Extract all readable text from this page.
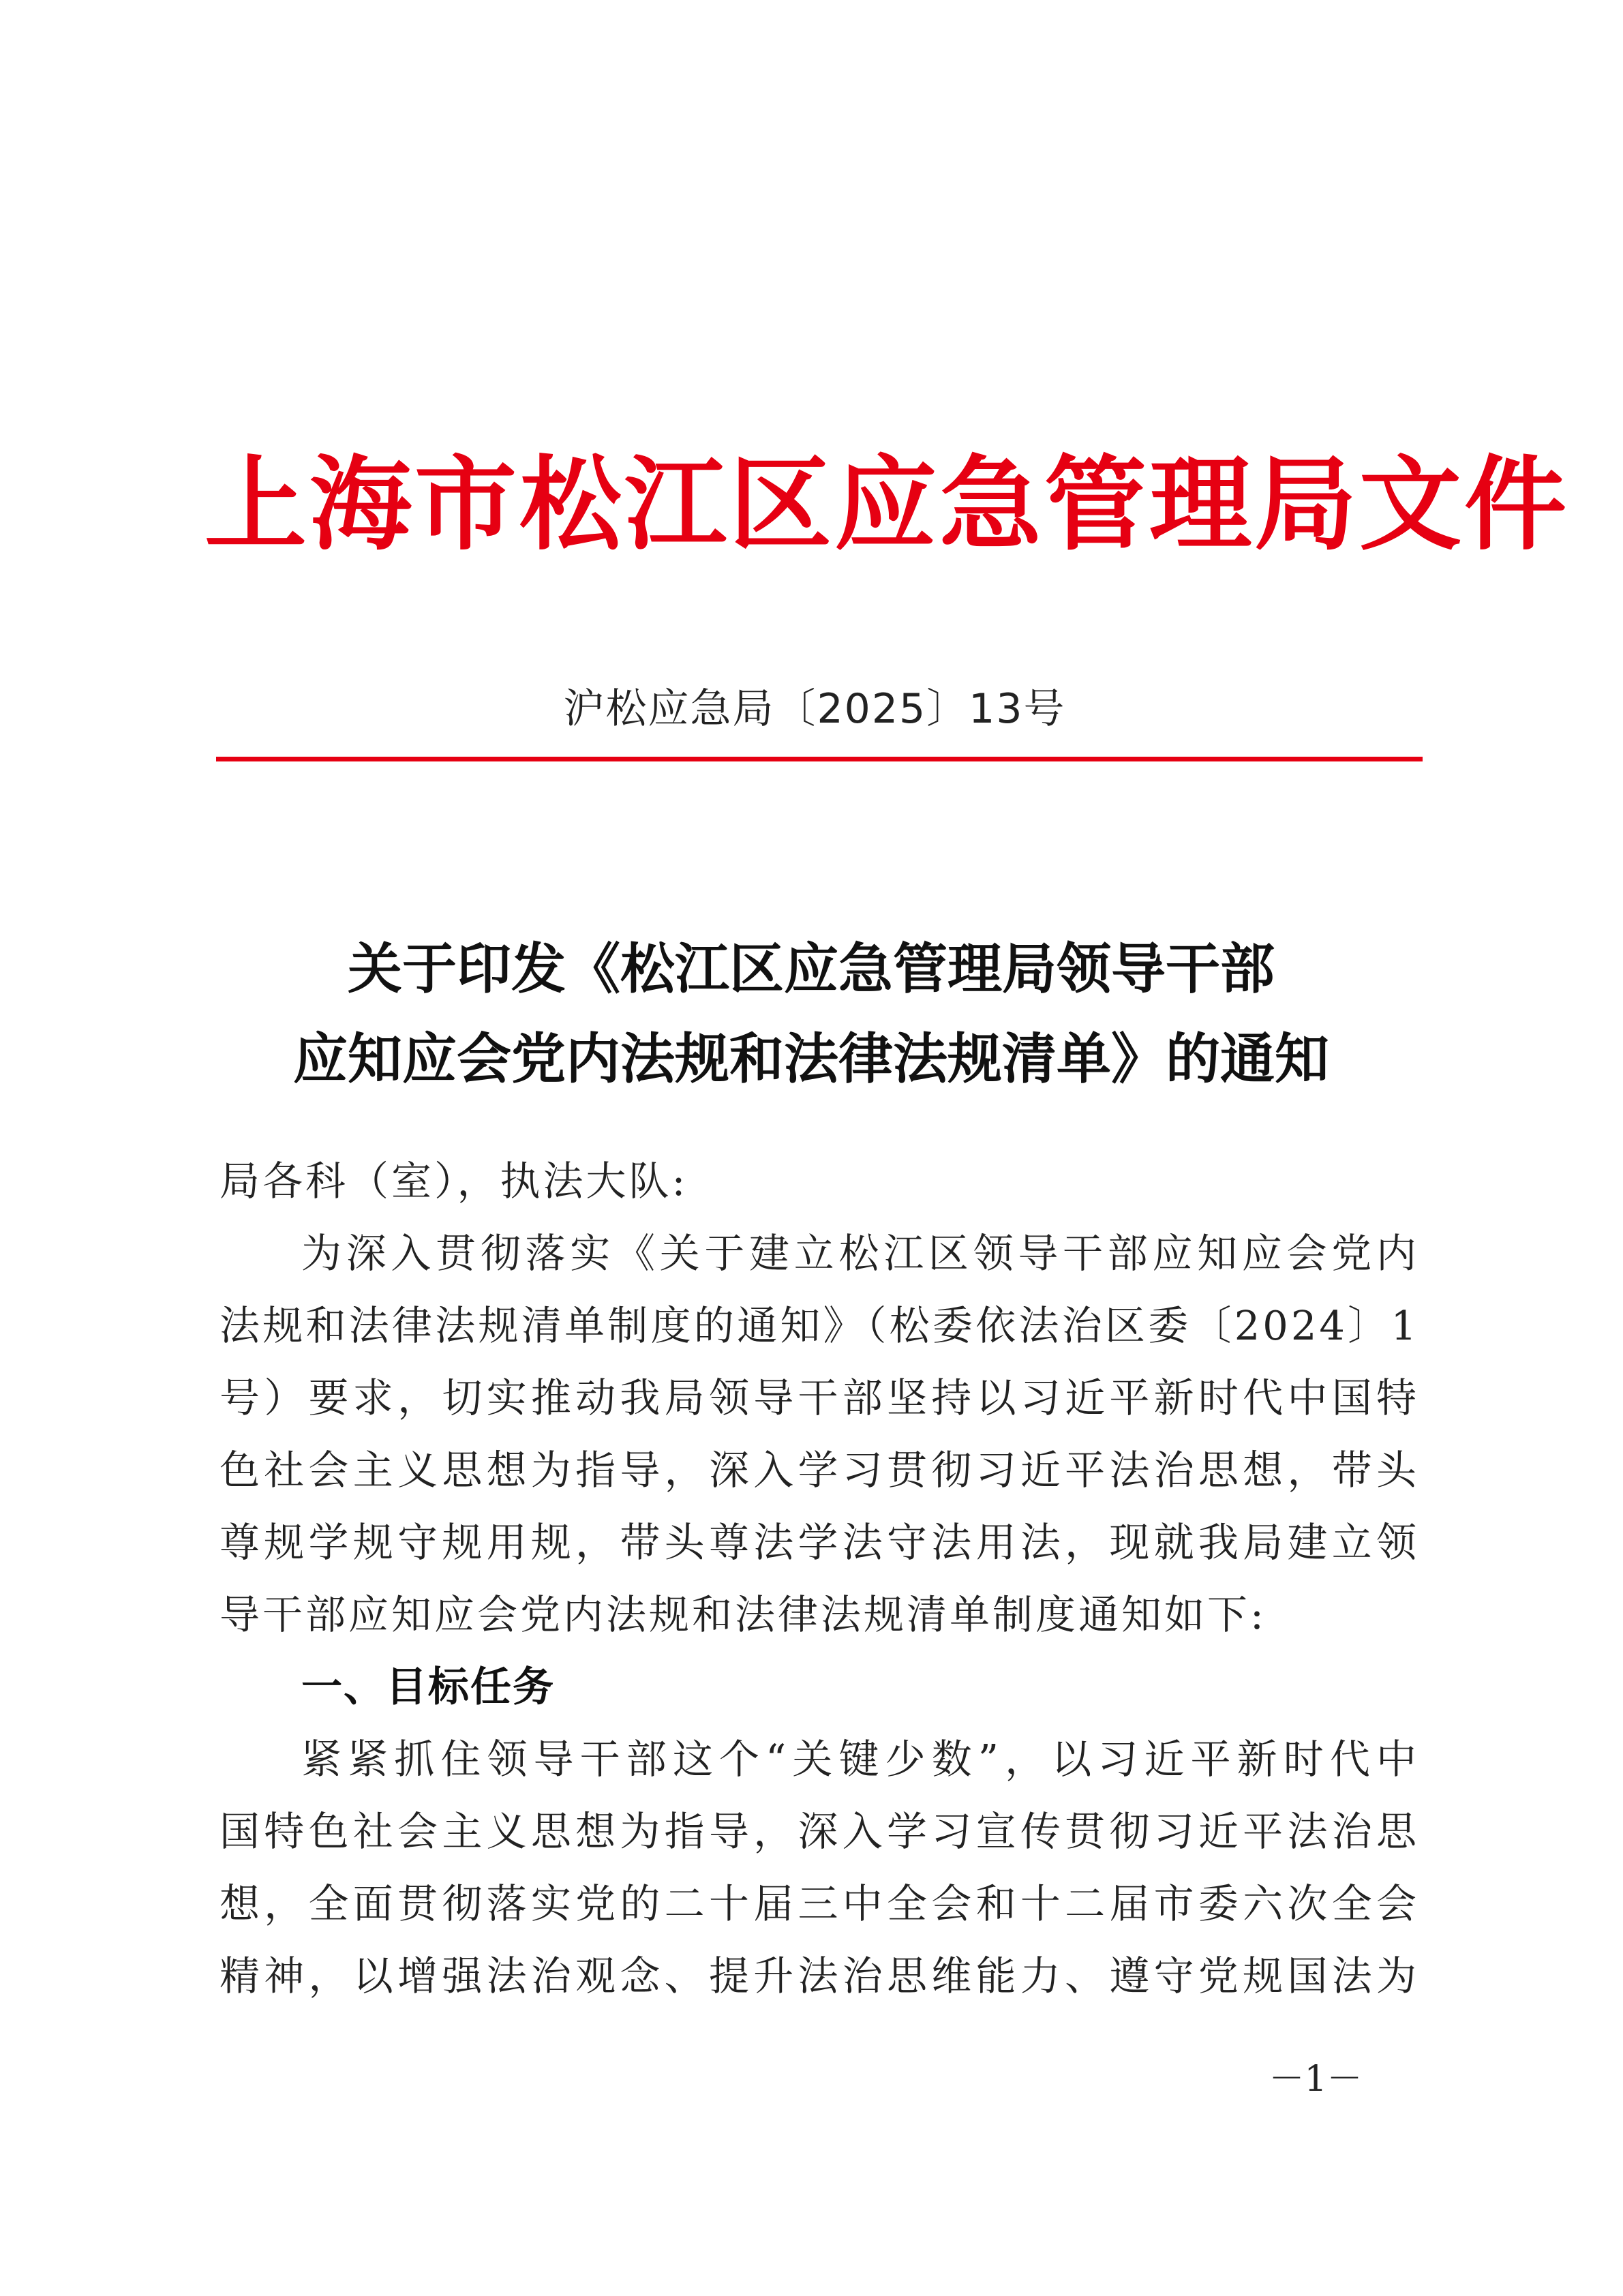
上海市松江区应急管理局文件
沪松应急局〔2025〕13号
关于印发《松江区应急管理局领导干部
应知应会党内法规和法律法规清单》的通知
局各科（室），执法大队:
为深入贯彻落实《关于建立松江区领导干部应知应会党内
法规和法律法规清单制度的通知》（松委依法治区委〔2024〕1
号）要求，切实推动我局领导干部坚持以习近平新时代中国特
色社会主义思想为指导，深入学习贯彻习近平法治思想，带头
尊规学规守规用规，带头尊法学法守法用法，现就我局建立领
导干部应知应会党内法规和法律法规清单制度通知如下:
一、目标任务
紧紧抓住领导干部这个“关键少数”，以习近平新时代中
国特色社会主义思想为指导，深入学习宣传贯彻习近平法治思
想，全面贯彻落实党的二十届三中全会和十二届市委六次全会
精神，以增强法治观念、提升法治思维能力、遵守党规国法为
－1－
